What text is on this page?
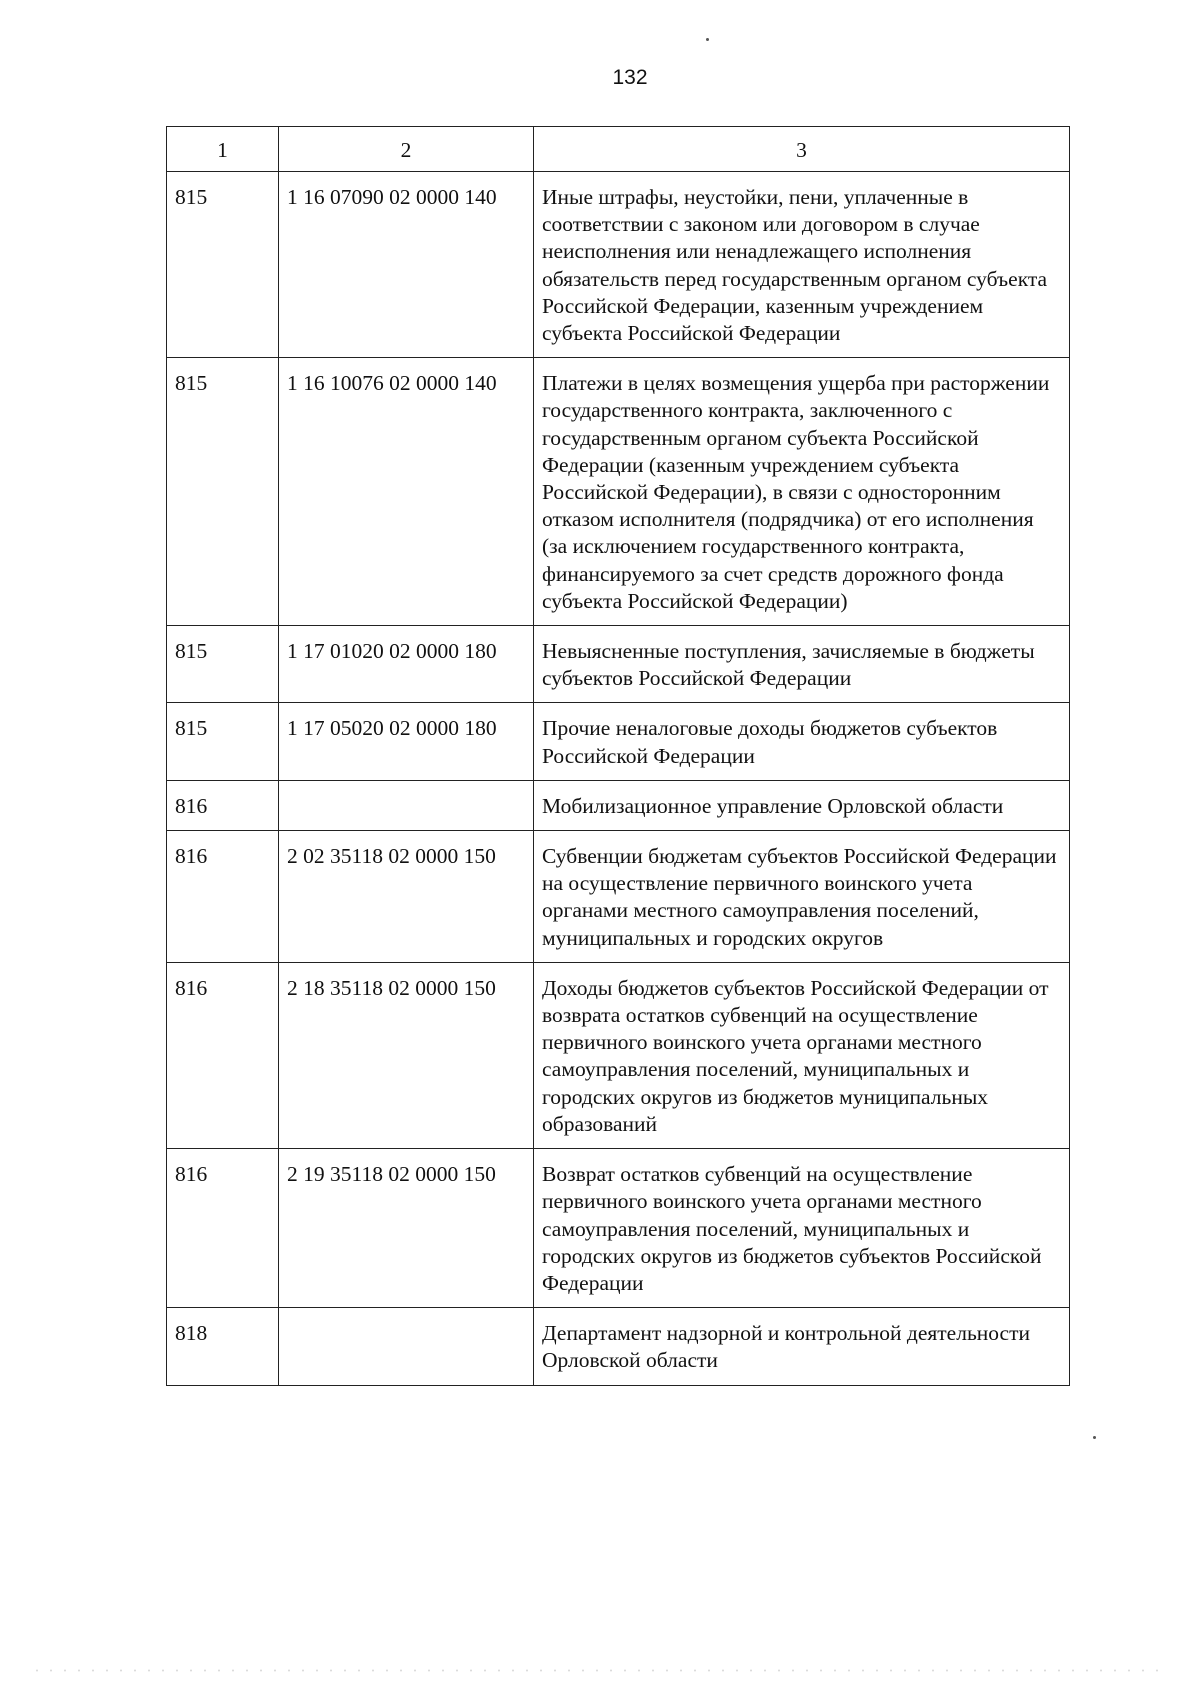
132
1	2	3
815	1 16 07090 02 0000 140	Иные штрафы, неустойки, пени, уплаченные в соответствии с законом или договором в случае неисполнения или ненадлежащего исполнения обязательств перед государственным органом субъекта Российской Федерации, казенным учреждением субъекта Российской Федерации
815	1 16 10076 02 0000 140	Платежи в целях возмещения ущерба при расторжении государственного контракта, заключенного с государственным органом субъекта Российской Федерации (казенным учреждением субъекта Российской Федерации), в связи с односторонним отказом исполнителя (подрядчика) от его исполнения (за исключением государственного контракта, финансируемого за счет средств дорожного фонда субъекта Российской Федерации)
815	1 17 01020 02 0000 180	Невыясненные поступления, зачисляемые в бюджеты субъектов Российской Федерации
815	1 17 05020 02 0000 180	Прочие неналоговые доходы бюджетов субъектов Российской Федерации
816		Мобилизационное управление Орловской области
816	2 02 35118 02 0000 150	Субвенции бюджетам субъектов Российской Федерации на осуществление первичного воинского учета органами местного самоуправления поселений, муниципальных и городских округов
816	2 18 35118 02 0000 150	Доходы бюджетов субъектов Российской Федерации от возврата остатков субвенций на осуществление первичного воинского учета органами местного самоуправления поселений, муниципальных и городских округов из бюджетов муниципальных образований
816	2 19 35118 02 0000 150	Возврат остатков субвенций на осуществление первичного воинского учета органами местного самоуправления поселений, муниципальных и городских округов из бюджетов субъектов Российской Федерации
818		Департамент надзорной и контрольной деятельности Орловской области
